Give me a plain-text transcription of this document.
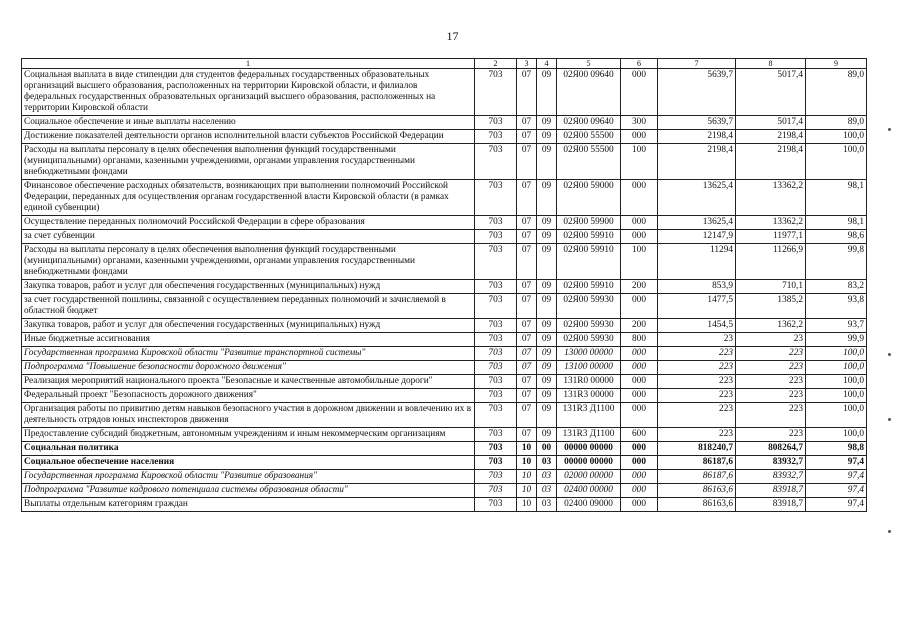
17
1	2	3	4	5	6	7	8	9
Социальная выплата в виде стипендии для студентов федеральных государственных образовательных организаций высшего образования, расположенных на территории Кировской области, и филиалов федеральных государственных образовательных организаций высшего образования, расположенных на территории Кировской области	703	07	09	02Я00 09640	000	5639,7	5017,4	89,0
Социальное обеспечение и иные выплаты населению	703	07	09	02Я00 09640	300	5639,7	5017,4	89,0
Достижение показателей деятельности органов исполнительной власти субъектов Российской Федерации	703	07	09	02Я00 55500	000	2198,4	2198,4	100,0
Расходы на выплаты персоналу в целях обеспечения выполнения функций государственными (муниципальными) органами, казенными учреждениями, органами управления государственными внебюджетными фондами	703	07	09	02Я00 55500	100	2198,4	2198,4	100,0
Финансовое обеспечение расходных обязательств, возникающих при выполнении полномочий Российской Федерации, переданных для осуществления органам государственной власти Кировской области (в рамках единой субвенции)	703	07	09	02Я00 59000	000	13625,4	13362,2	98,1
Осуществление переданных полномочий Российской Федерации в сфере образования	703	07	09	02Я00 59900	000	13625,4	13362,2	98,1
за счет субвенции	703	07	09	02Я00 59910	000	12147,9	11977,1	98,6
Расходы на выплаты персоналу в целях обеспечения выполнения функций государственными (муниципальными) органами, казенными учреждениями, органами управления государственными внебюджетными фондами	703	07	09	02Я00 59910	100	11294	11266,9	99,8
Закупка товаров, работ и услуг для обеспечения государственных (муниципальных) нужд	703	07	09	02Я00 59910	200	853,9	710,1	83,2
за счет государственной пошлины, связанной с осуществлением переданных полномочий и зачисляемой в областной бюджет	703	07	09	02Я00 59930	000	1477,5	1385,2	93,8
Закупка товаров, работ и услуг для обеспечения государственных (муниципальных) нужд	703	07	09	02Я00 59930	200	1454,5	1362,2	93,7
Иные бюджетные ассигнования	703	07	09	02Я00 59930	800	23	23	99,9
Государственная программа Кировской области "Развитие транспортной системы"	703	07	09	13000 00000	000	223	223	100,0
Подпрограмма "Повышение безопасности дорожного движения"	703	07	09	13100 00000	000	223	223	100,0
Реализация мероприятий национального проекта "Безопасные и качественные автомобильные дороги"	703	07	09	131R0 00000	000	223	223	100,0
Федеральный проект "Безопасность дорожного движения"	703	07	09	131R3 00000	000	223	223	100,0
Организация работы по привитию детям навыков безопасного участия в дорожном движении и вовлечению их в деятельность отрядов юных инспекторов движения	703	07	09	131R3 Д1100	000	223	223	100,0
Предоставление субсидий бюджетным, автономным учреждениям и иным некоммерческим организациям	703	07	09	131R3 Д1100	600	223	223	100,0
Социальная политика	703	10	00	00000 00000	000	818240,7	808264,7	98,8
Социальное обеспечение населения	703	10	03	00000 00000	000	86187,6	83932,7	97,4
Государственная программа Кировской области "Развитие образования"	703	10	03	02000 00000	000	86187,6	83932,7	97,4
Подпрограмма "Развитие кадрового потенциала системы образования области"	703	10	03	02400 00000	000	86163,6	83918,7	97,4
Выплаты отдельным категориям граждан	703	10	03	02400 09000	000	86163,6	83918,7	97,4
